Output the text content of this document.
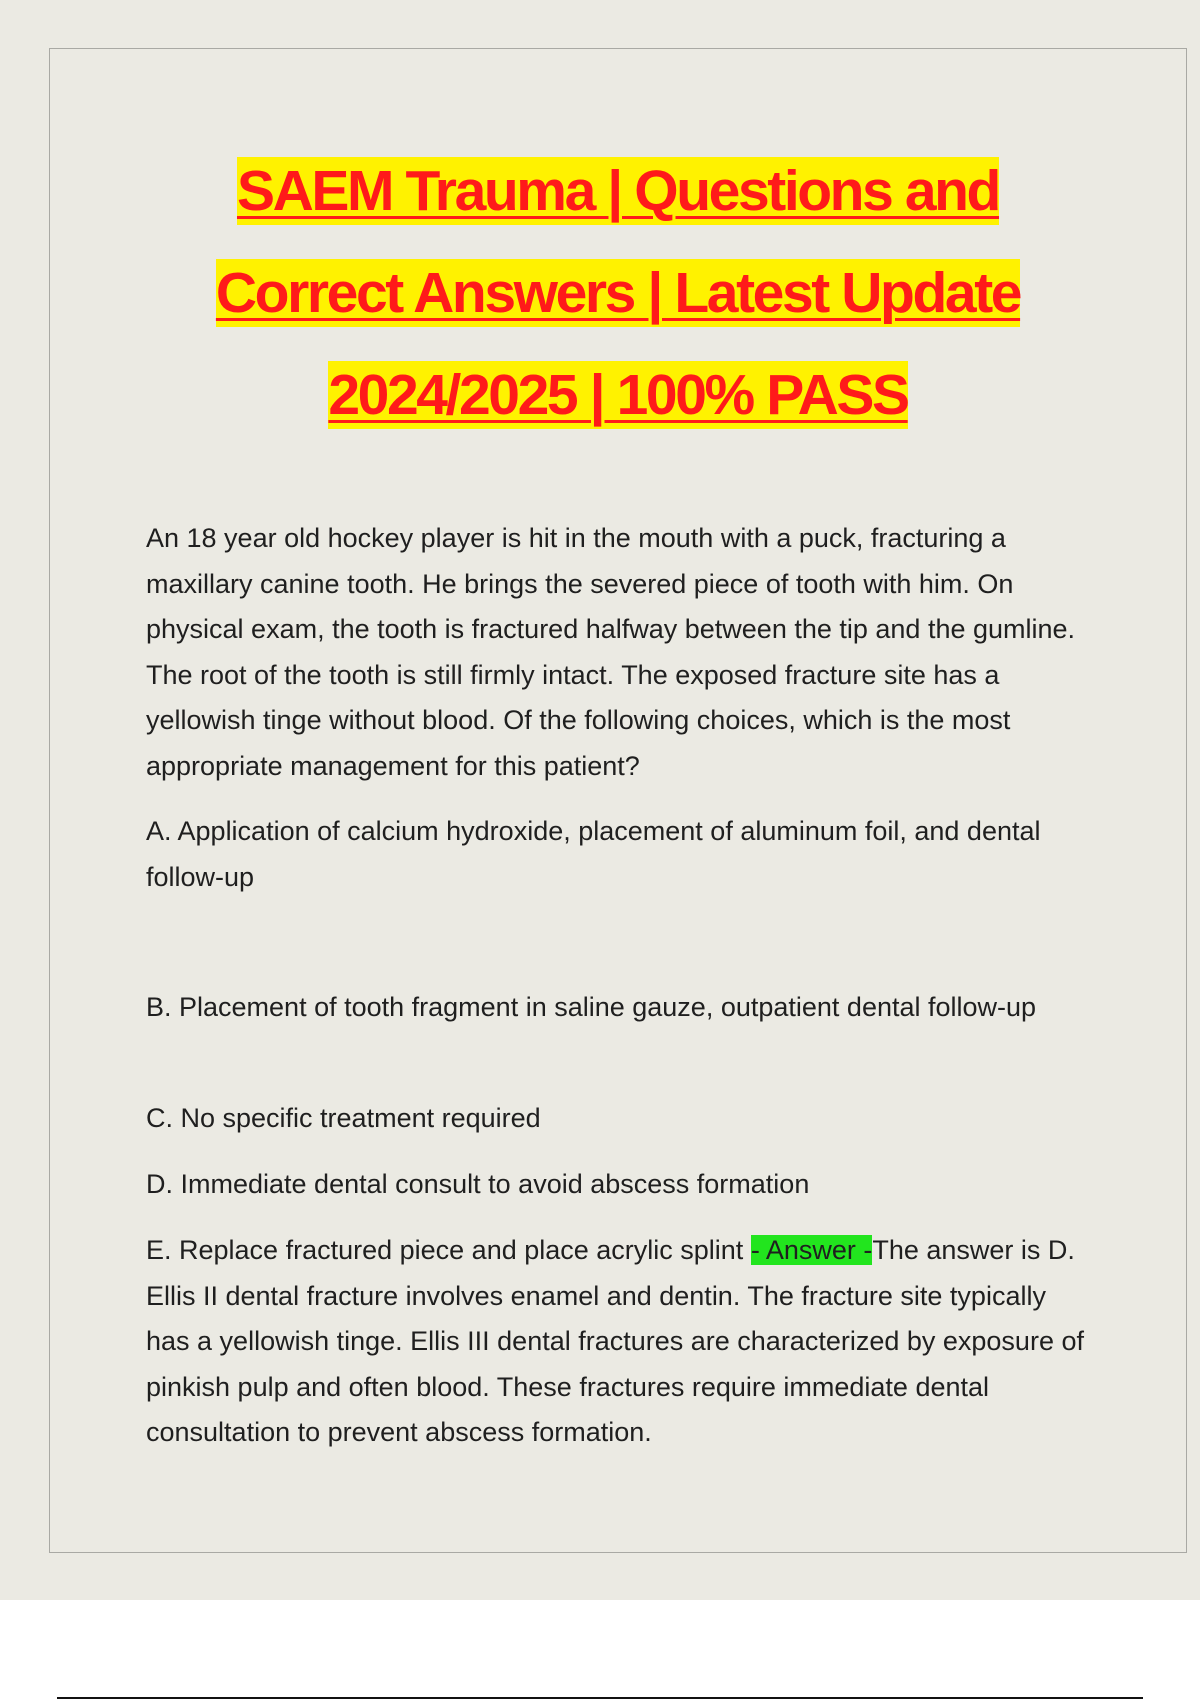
SAEM Trauma | Questions and
Correct Answers | Latest Update
2024/2025 | 100% PASS

An 18 year old hockey player is hit in the mouth with a puck, fracturing a maxillary canine tooth. He brings the severed piece of tooth with him. On physical exam, the tooth is fractured halfway between the tip and the gumline. The root of the tooth is still firmly intact. The exposed fracture site has a yellowish tinge without blood. Of the following choices, which is the most appropriate management for this patient?

A. Application of calcium hydroxide, placement of aluminum foil, and dental follow-up

B. Placement of tooth fragment in saline gauze, outpatient dental follow-up

C. No specific treatment required

D. Immediate dental consult to avoid abscess formation

E. Replace fractured piece and place acrylic splint - Answer -The answer is D. Ellis II dental fracture involves enamel and dentin. The fracture site typically has a yellowish tinge. Ellis III dental fractures are characterized by exposure of pinkish pulp and often blood. These fractures require immediate dental consultation to prevent abscess formation.
